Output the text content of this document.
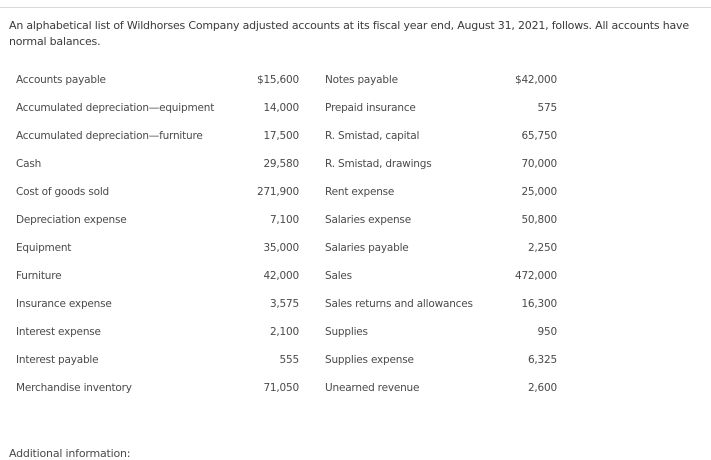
An alphabetical list of Wildhorses Company adjusted accounts at its fiscal year end, August 31, 2021, follows. All accounts have normal balances.
Accounts payable	$15,600		Notes payable	$42,000
Accumulated depreciation—equipment	14,000		Prepaid insurance	575
Accumulated depreciation—furniture	17,500		R. Smistad, capital	65,750
Cash	29,580		R. Smistad, drawings	70,000
Cost of goods sold	271,900		Rent expense	25,000
Depreciation expense	7,100		Salaries expense	50,800
Equipment	35,000		Salaries payable	2,250
Furniture	42,000		Sales	472,000
Insurance expense	3,575		Sales returns and allowances	16,300
Interest expense	2,100		Supplies	950
Interest payable	555		Supplies expense	6,325
Merchandise inventory	71,050		Unearned revenue	2,600
Additional information:
